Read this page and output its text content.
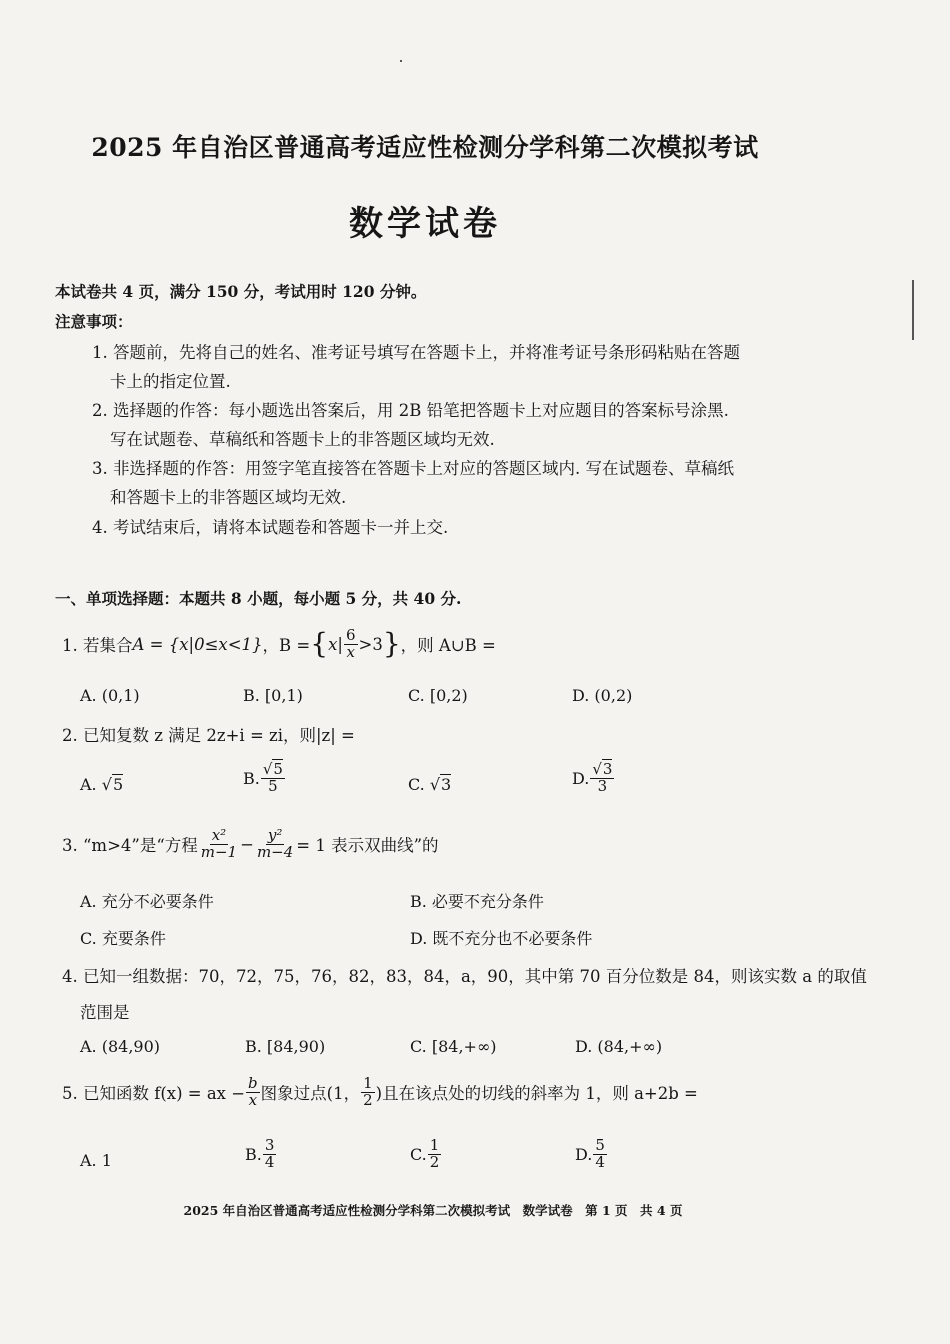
2025 年自治区普通高考适应性检测分学科第二次模拟考试
数学试卷
本试卷共 4 页，满分 150 分，考试用时 120 分钟。
注意事项：
1. 答题前，先将自己的姓名、准考证号填写在答题卡上，并将准考证号条形码粘贴在答题
卡上的指定位置.
2. 选择题的作答：每小题选出答案后，用 2B 铅笔把答题卡上对应题目的答案标号涂黑.
写在试题卷、草稿纸和答题卡上的非答题区域均无效.
3. 非选择题的作答：用签字笔直接答在答题卡上对应的答题区域内. 写在试题卷、草稿纸
和答题卡上的非答题区域均无效.
4. 考试结束后，请将本试题卷和答题卡一并上交.
一、单项选择题：本题共 8 小题，每小题 5 分，共 40 分.
1. 若集合 A = {x|0≤x<1} ，B = { $x| \frac{6}{x} >3$ } ，则 A∪B =
A. (0,1)	B. [0,1)	C. [0,2)	D. (0,2)
2. 已知复数 z 满足 2z+i = zi，则|z| =
A. √5	B. $\frac{√5}{5}$	C. √3	D. $\frac{√3}{3}$
3. “m>4”是“方程 $\frac{\text{x²}}{m-1} - \frac{\text{y²}}{m-4} = 1$ 表示双曲线”的
A. 充分不必要条件	B. 必要不充分条件
C. 充要条件	D. 既不充分也不必要条件
4. 已知一组数据：70，72，75，76，82，83，84，a，90，其中第 70 百分位数是 84，则该实数 a 的取值
范围是
A. (84,90)	B. [84,90)	C. [84,+∞)	D. (84,+∞)
5. 已知函数 f(x) = ax − $\frac{b}{x}$ 图象过点(1， $\frac{1}{2}$ )且在该点处的切线的斜率为 1，则 a+2b =
A. 1	B. $\frac{3}{4}$	C. $\frac{1}{2}$	D. $\frac{5}{4}$
2025 年自治区普通高考适应性检测分学科第二次模拟考试　数学试卷　第 1 页　共 4 页
